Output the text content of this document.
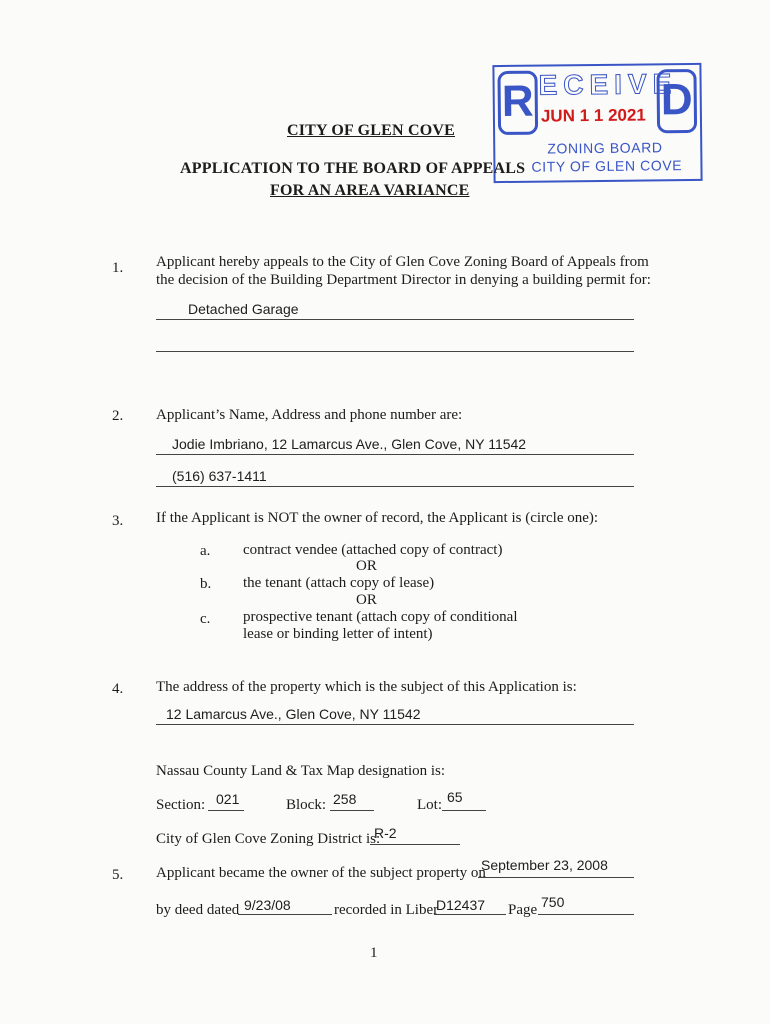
R ECEIVE
D
JUN 1 1 2021
ZONING BOARD
CITY OF GLEN COVE
CITY OF GLEN COVE
APPLICATION TO THE BOARD OF APPEALS
FOR AN AREA VARIANCE
1. Applicant hereby appeals to the City of Glen Cove Zoning Board of Appeals from
the decision of the Building Department Director in denying a building permit for:
Detached Garage
2. Applicant’s Name, Address and phone number are:
Jodie Imbriano, 12 Lamarcus Ave., Glen Cove, NY 11542
(516) 637-1411
3. If the Applicant is NOT the owner of record, the Applicant is (circle one):
a. contract vendee (attached copy of contract)
OR
b. the tenant (attach copy of lease)
OR
c. prospective tenant (attach copy of conditional
lease or binding letter of intent)
4. The address of the property which is the subject of this Application is:
12 Lamarcus Ave., Glen Cove, NY 11542
Nassau County Land & Tax Map designation is:
Section: 021	Block: 258	Lot: 65
City of Glen Cove Zoning District is:
R-2
5. Applicant became the owner of the subject property on
September 23, 2008
by deed dated 9/23/08	recorded in Liber
D12437 Page 750
1
